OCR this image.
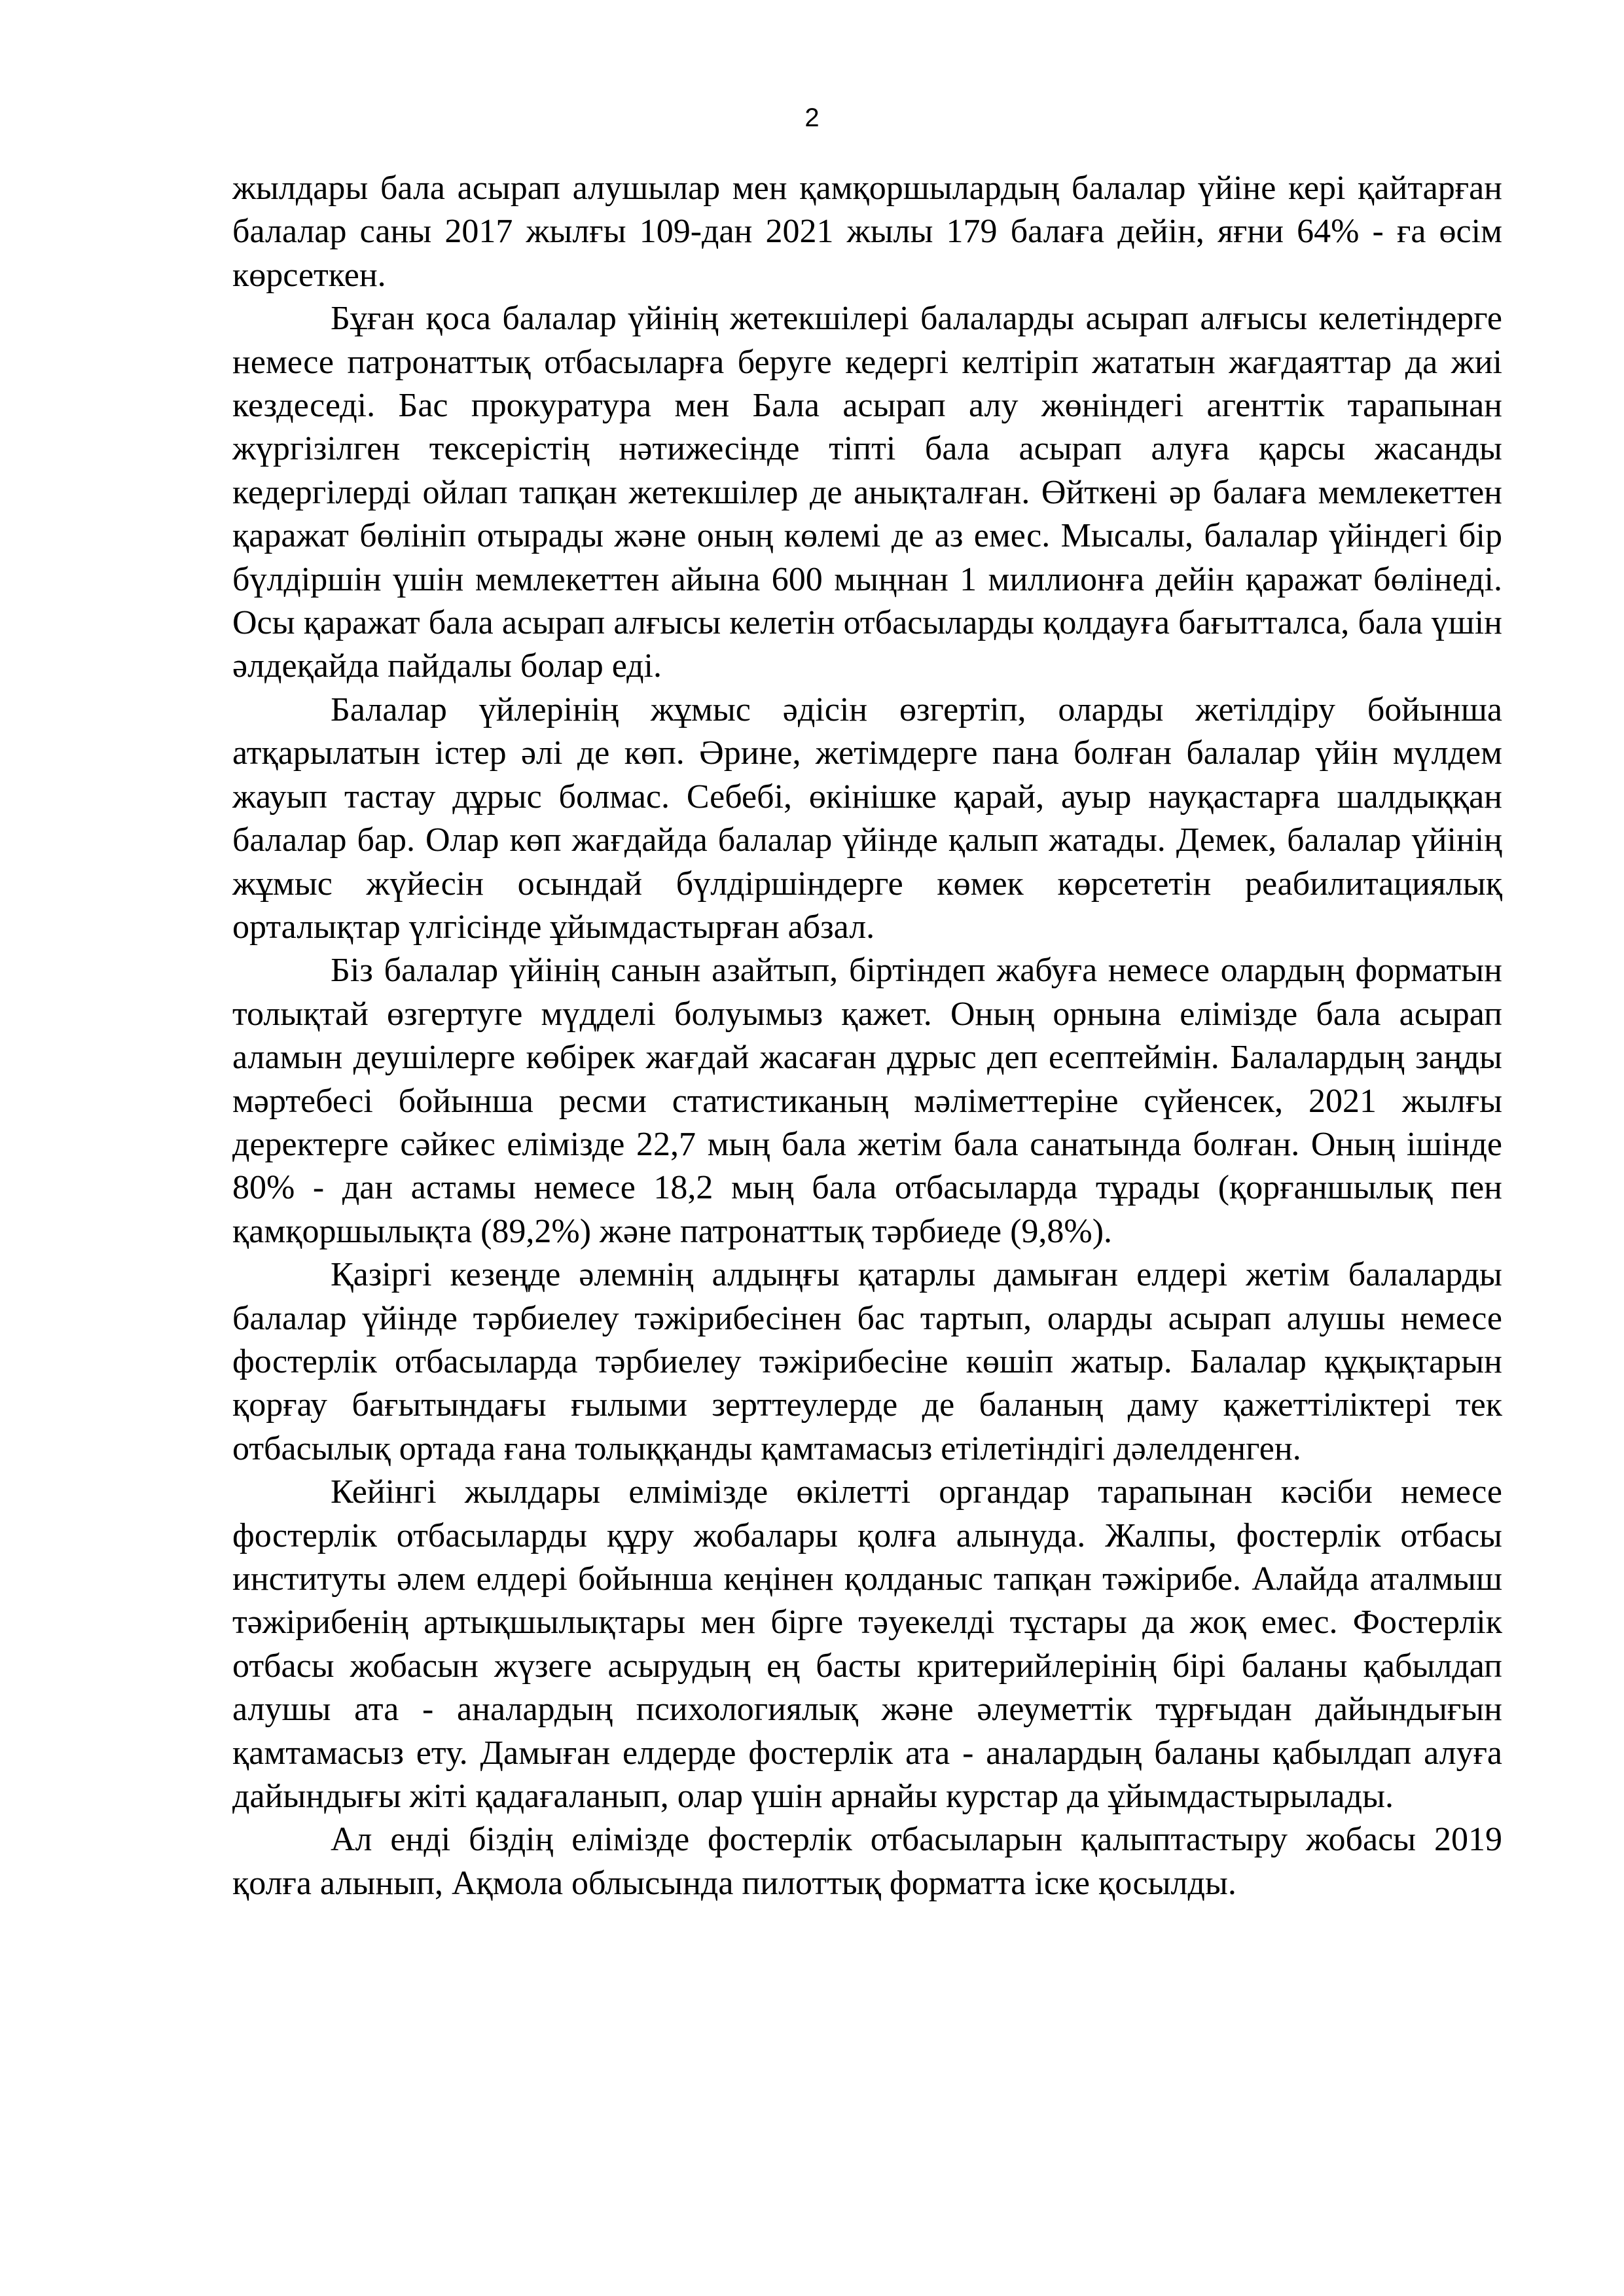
2

жылдары бала асырап алушылар мен қамқоршылардың балалар үйіне кері қайтарған балалар саны 2017 жылғы 109-дан 2021 жылы 179 балаға дейін, яғни 64% - ға өсім көрсеткен.

Бұған қоса балалар үйінің жетекшілері балаларды асырап алғысы келетіндерге немесе патронаттық отбасыларға беруге кедергі келтіріп жататын жағдаяттар да жиі кездеседі. Бас прокуратура мен Бала асырап алу жөніндегі агенттік тарапынан жүргізілген тексерістің нәтижесінде тіпті бала асырап алуға қарсы жасанды кедергілерді ойлап тапқан жетекшілер де анықталған. Өйткені әр балаға мемлекеттен қаражат бөлініп отырады және оның көлемі де аз емес. Мысалы, балалар үйіндегі бір бүлдіршін үшін мемлекеттен айына 600 мыңнан 1 миллионға дейін қаражат бөлінеді. Осы қаражат бала асырап алғысы келетін отбасыларды қолдауға бағытталса, бала үшін әлдеқайда пайдалы болар еді.

Балалар үйлерінің жұмыс әдісін өзгертіп, оларды жетілдіру бойынша атқарылатын істер әлі де көп. Әрине, жетімдерге пана болған балалар үйін мүлдем жауып тастау дұрыс болмас. Себебі, өкінішке қарай, ауыр науқастарға шалдыққан балалар бар. Олар көп жағдайда балалар үйінде қалып жатады. Демек, балалар үйінің жұмыс жүйесін осындай бүлдіршіндерге көмек көрсететін реабилитациялық орталықтар үлгісінде ұйымдастырған абзал.

Біз балалар үйінің санын азайтып, біртіндеп жабуға немесе олардың форматын толықтай өзгертуге мүдделі болуымыз қажет. Оның орнына елімізде бала асырап аламын деушілерге көбірек жағдай жасаған дұрыс деп есептеймін. Балалардың заңды мәртебесі бойынша ресми статистиканың мәліметтеріне сүйенсек, 2021 жылғы деректерге сәйкес елімізде 22,7 мың бала жетім бала санатында болған. Оның ішінде 80% - дан астамы немесе 18,2 мың бала отбасыларда тұрады (қорғаншылық пен қамқоршылықта (89,2%) және патронаттық тәрбиеде (9,8%).

Қазіргі кезеңде әлемнің алдыңғы қатарлы дамыған елдері жетім балаларды балалар үйінде тәрбиелеу тәжірибесінен бас тартып, оларды асырап алушы немесе фостерлік отбасыларда тәрбиелеу тәжірибесіне көшіп жатыр. Балалар құқықтарын қорғау бағытындағы ғылыми зерттеулерде де баланың даму қажеттіліктері тек отбасылық ортада ғана толыққанды қамтамасыз етілетіндігі дәлелденген.

Кейінгі жылдары елмімізде өкілетті органдар тарапынан кәсіби немесе фостерлік отбасыларды құру жобалары қолға алынуда. Жалпы, фостерлік отбасы институты әлем елдері бойынша кеңінен қолданыс тапқан тәжірибе. Алайда аталмыш тәжірибенің артықшылықтары мен бірге тәуекелді тұстары да жоқ емес. Фостерлік отбасы жобасын жүзеге асырудың ең басты критерийлерінің бірі баланы қабылдап алушы ата - аналардың психологиялық және әлеуметтік тұрғыдан дайындығын қамтамасыз ету. Дамыған елдерде фостерлік ата - аналардың баланы қабылдап алуға дайындығы жіті қадағаланып, олар үшін арнайы курстар да ұйымдастырылады.

Ал енді біздің елімізде фостерлік отбасыларын қалыптастыру жобасы 2019 қолға алынып, Ақмола облысында пилоттық форматта іске қосылды.
